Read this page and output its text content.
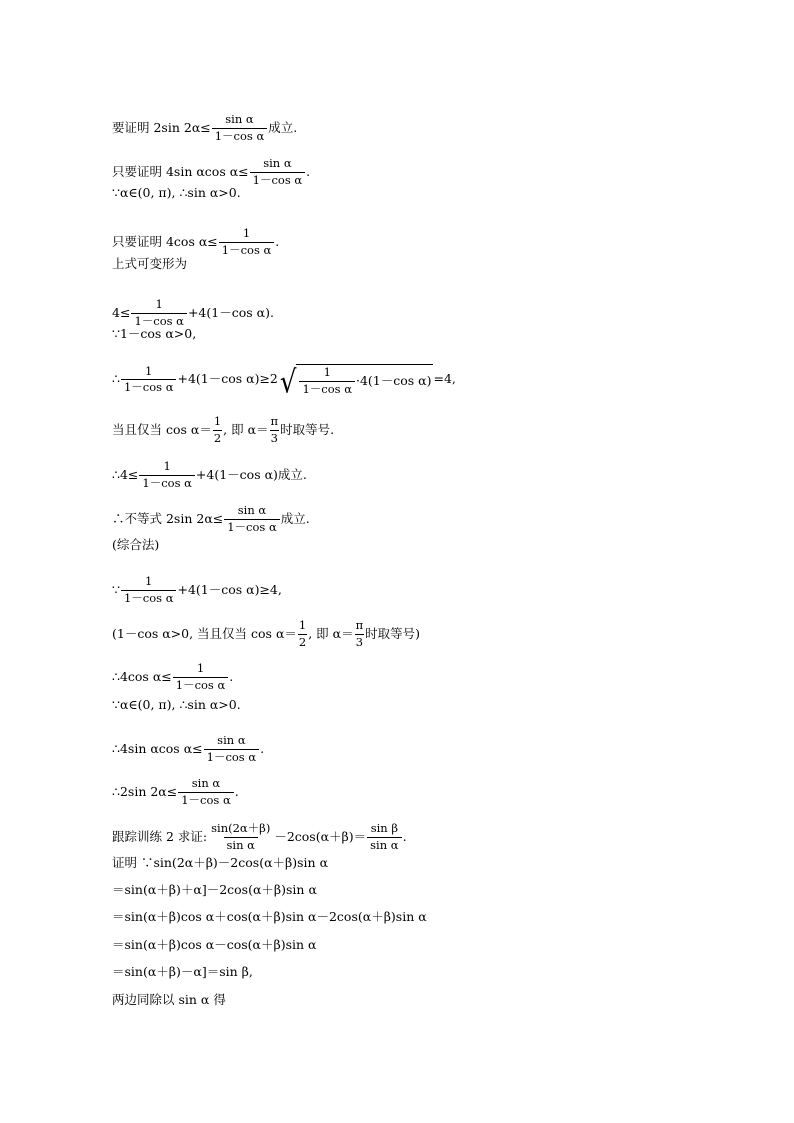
要证明 2sin $2\alpha\le \frac{\text{sin α}}{\text{1－cos α}}$ 成立.
只要证明 4sin αcos $\alpha\le \frac{\text{sin α}}{\text{1－cos α}}$ .
∵α∈(0, π), ∴sin α>0.
只要证明 4cos $\alpha\le \frac{1}{\text{1－cos α}}$ .
上式可变形为
$4\le \frac{1}{\text{1－cos α}} +4(1-\cos$ α).
∵1－cos α>0,
∴ $\frac{1}{\text{1－cos α}} +4(1-\cos$ α)≥2 √ $\frac{1}{\text{1－cos α}} \cdot 4(1-\cos$ α) =4,
当且仅当 $\cos \alpha= \frac{1}{2}$ , 即 $\alpha= \frac{\pi}{3}$ 时取等号.
∴4≤ $\frac{1}{\text{1－cos α}} +4(1-\cos$ α)成立.
∴不等式 2sin $2\alpha\le \frac{\text{sin α}}{\text{1－cos α}}$ 成立.
(综合法)
∵ $\frac{1}{\text{1－cos α}} +4(1-\cos$ α)≥4,
(1－cos α>0, 当且仅当 $\cos \alpha= \frac{1}{2}$ , 即 $\alpha= \frac{\pi}{3}$ 时取等号)
∴4cos $\alpha\le \frac{1}{\text{1－cos α}}$ .
∵α∈(0, π), ∴sin α>0.
∴4sin αcos $\alpha\le \frac{\text{sin α}}{\text{1－cos α}}$ .
∴2sin $2\alpha\le \frac{\text{sin α}}{\text{1－cos α}}$ .
跟踪训练 2 求证: $\frac{\sin(2\alpha+\beta)}{\text{sin α}} -2\cos(\alpha+\beta)= \frac{\text{sin β}}{\text{sin α}}$ .
证明 ∵sin(2α＋β)－2cos(α＋β)sin α
＝sin(α＋β)＋α]－2cos(α＋β)sin α
＝sin(α＋β)cos α＋cos(α＋β)sin α－2cos(α＋β)sin α
＝sin(α＋β)cos α－cos(α＋β)sin α
＝sin(α＋β)－α]＝sin β,
两边同除以 sin α 得
